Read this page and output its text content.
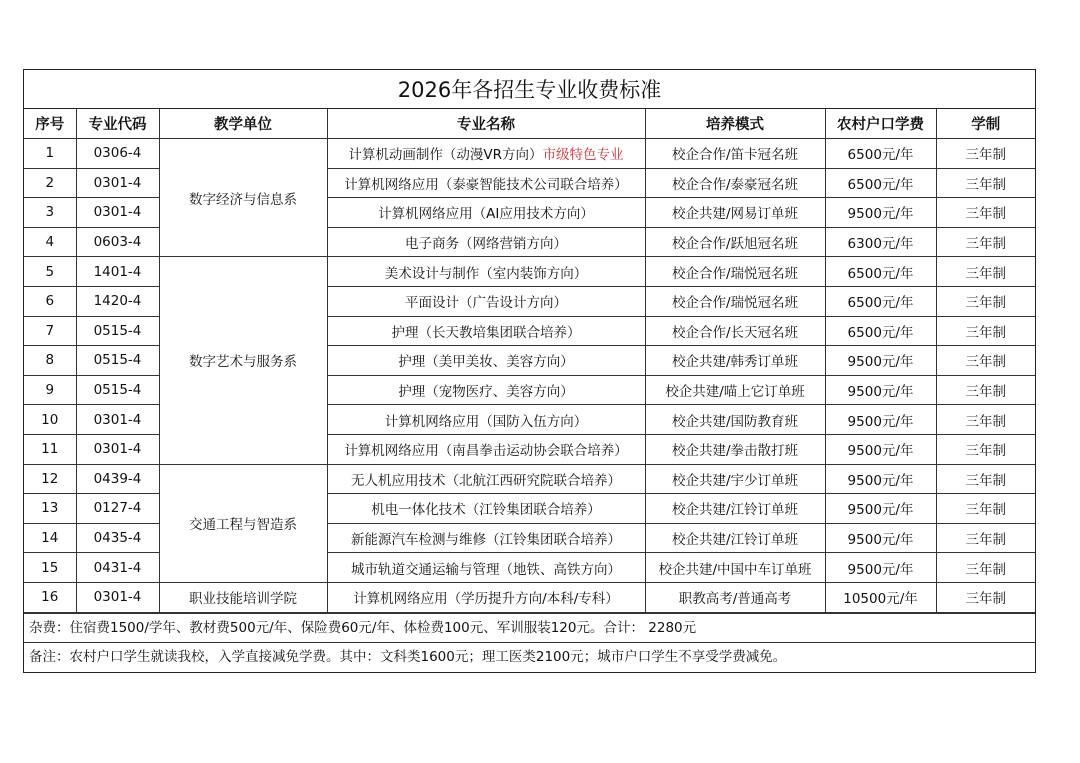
2026年各招生专业收费标准
序号	专业代码	教学单位	专业名称	培养模式	农村户口学费	学制
1	0306-4	数字经济与信息系	计算机动画制作（动漫VR方向）市级特色专业	校企合作/笛卡冠名班	6500元/年	三年制
2	0301-4		计算机网络应用（泰豪智能技术公司联合培养）	校企合作/泰豪冠名班	6500元/年	三年制
3	0301-4		计算机网络应用（AI应用技术方向）	校企共建/网易订单班	9500元/年	三年制
4	0603-4		电子商务（网络营销方向）	校企合作/跃旭冠名班	6300元/年	三年制
5	1401-4	数字艺术与服务系	美术设计与制作（室内装饰方向）	校企合作/瑞悦冠名班	6500元/年	三年制
6	1420-4		平面设计（广告设计方向）	校企合作/瑞悦冠名班	6500元/年	三年制
7	0515-4		护理（长天教培集团联合培养）	校企合作/长天冠名班	6500元/年	三年制
8	0515-4		护理（美甲美妆、美容方向）	校企共建/韩秀订单班	9500元/年	三年制
9	0515-4		护理（宠物医疗、美容方向）	校企共建/喵上它订单班	9500元/年	三年制
10	0301-4		计算机网络应用（国防入伍方向）	校企共建/国防教育班	9500元/年	三年制
11	0301-4		计算机网络应用（南昌拳击运动协会联合培养）	校企共建/拳击散打班	9500元/年	三年制
12	0439-4	交通工程与智造系	无人机应用技术（北航江西研究院联合培养）	校企共建/宇少订单班	9500元/年	三年制
13	0127-4		机电一体化技术（江铃集团联合培养）	校企共建/江铃订单班	9500元/年	三年制
14	0435-4		新能源汽车检测与维修（江铃集团联合培养）	校企共建/江铃订单班	9500元/年	三年制
15	0431-4		城市轨道交通运输与管理（地铁、高铁方向）	校企共建/中国中车订单班	9500元/年	三年制
16	0301-4	职业技能培训学院	计算机网络应用（学历提升方向/本科/专科）	职教高考/普通高考	10500元/年	三年制
杂费：住宿费1500/学年、教材费500元/年、保险费60元/年、体检费100元、军训服装120元。合计： 2280元
备注：农村户口学生就读我校，入学直接减免学费。其中：文科类1600元；理工医类2100元；城市户口学生不享受学费减免。
